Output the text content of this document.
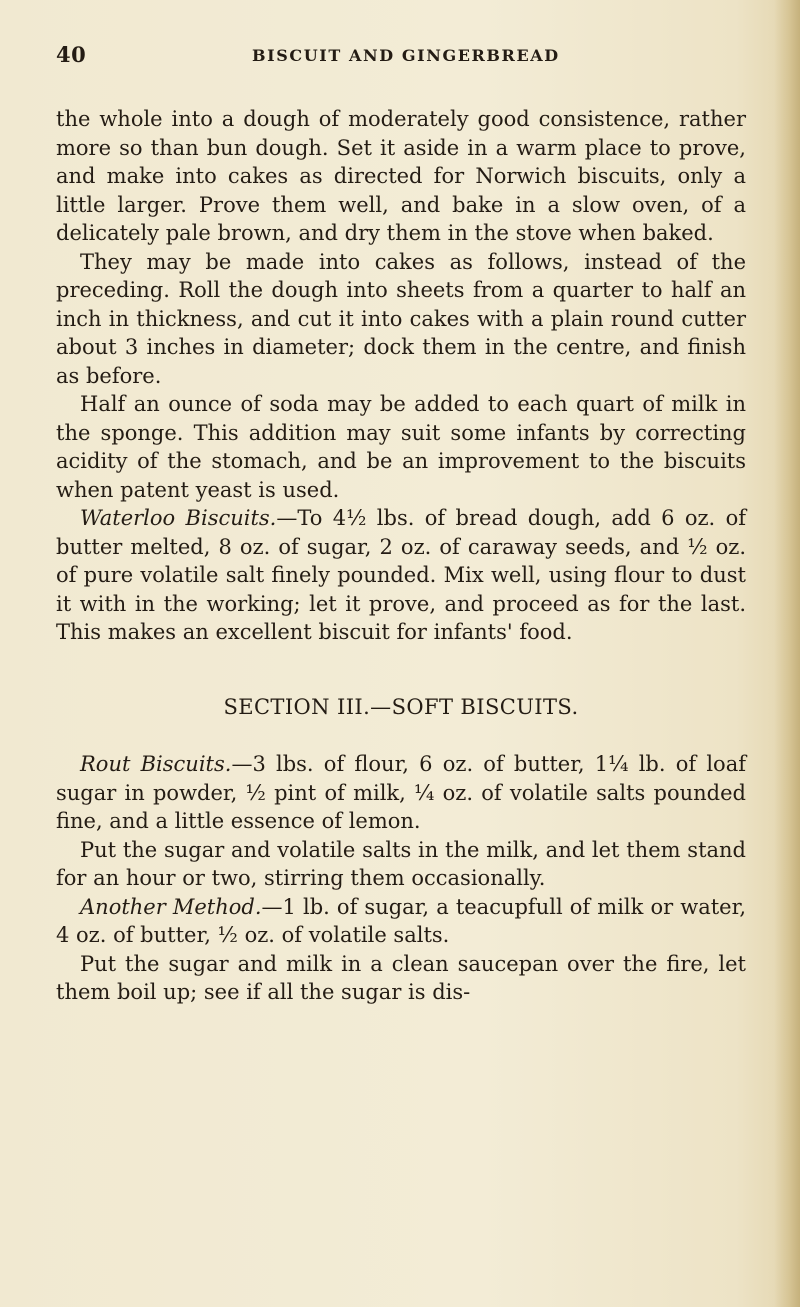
40	BISCUIT AND GINGERBREAD

the whole into a dough of moderately good consistence, rather more so than bun dough. Set it aside in a warm place to prove, and make into cakes as directed for Norwich biscuits, only a little larger. Prove them well, and bake in a slow oven, of a delicately pale brown, and dry them in the stove when baked.

They may be made into cakes as follows, instead of the preceding. Roll the dough into sheets from a quarter to half an inch in thickness, and cut it into cakes with a plain round cutter about 3 inches in diameter; dock them in the centre, and finish as before.

Half an ounce of soda may be added to each quart of milk in the sponge. This addition may suit some infants by correcting acidity of the stomach, and be an improvement to the biscuits when patent yeast is used.

Waterloo Biscuits.—To 4½ lbs. of bread dough, add 6 oz. of butter melted, 8 oz. of sugar, 2 oz. of caraway seeds, and ½ oz. of pure volatile salt finely pounded. Mix well, using flour to dust it with in the working; let it prove, and proceed as for the last. This makes an excellent biscuit for infants' food.

SECTION III.—SOFT BISCUITS.

Rout Biscuits.—3 lbs. of flour, 6 oz. of butter, 1¼ lb. of loaf sugar in powder, ½ pint of milk, ¼ oz. of volatile salts pounded fine, and a little essence of lemon.

Put the sugar and volatile salts in the milk, and let them stand for an hour or two, stirring them occasionally.

Another Method.—1 lb. of sugar, a teacupfull of milk or water, 4 oz. of butter, ½ oz. of volatile salts.

Put the sugar and milk in a clean saucepan over the fire, let them boil up; see if all the sugar is dis-
